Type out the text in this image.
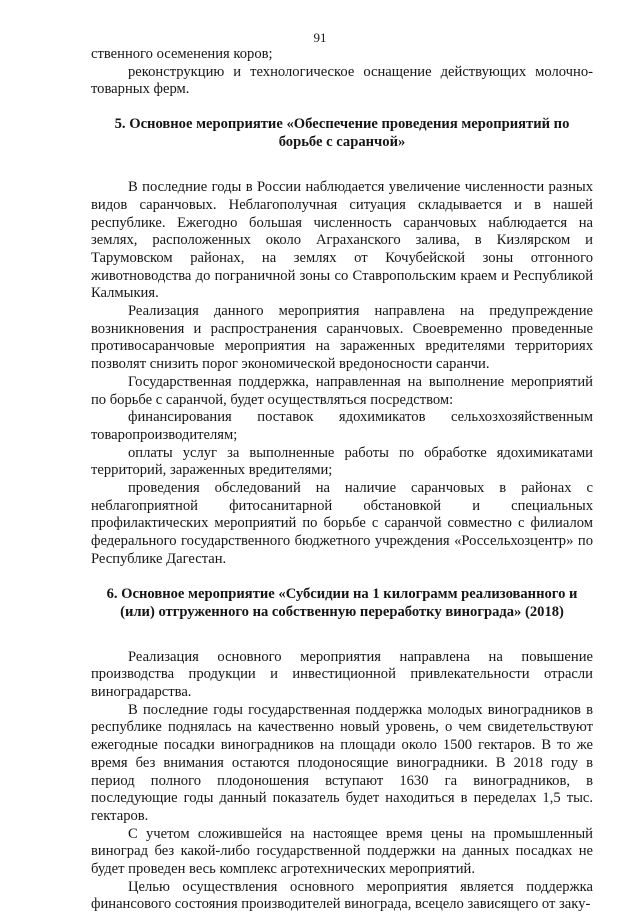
91

ственного осеменения коров;

реконструкцию и технологическое оснащение действующих молочно-товарных ферм.

5. Основное мероприятие «Обеспечение проведения мероприятий по борьбе с саранчой»

В последние годы в России наблюдается увеличение численности разных видов саранчовых. Неблагополучная ситуация складывается и в нашей республике. Ежегодно большая численность саранчовых наблюдается на землях, расположенных около Аграханского залива, в Кизлярском и Тарумовском районах, на землях от Кочубейской зоны отгонного животноводства до пограничной зоны со Ставропольским краем и Республикой Калмыкия.

Реализация данного мероприятия направлена на предупреждение возникновения и распространения саранчовых. Своевременно проведенные противосаранчовые мероприятия на зараженных вредителями территориях позволят снизить порог экономической вредоносности саранчи.

Государственная поддержка, направленная на выполнение мероприятий по борьбе с саранчой, будет осуществляться посредством:

финансирования поставок ядохимикатов сельхозхозяйственным товаропроизводителям;

оплаты услуг за выполненные работы по обработке ядохимикатами территорий, зараженных вредителями;

проведения обследований на наличие саранчовых в районах с неблагоприятной фитосанитарной обстановкой и специальных профилактических мероприятий по борьбе с саранчой совместно с филиалом федерального государственного бюджетного учреждения «Россельхозцентр» по Республике Дагестан.

6. Основное мероприятие «Субсидии на 1 килограмм реализованного и (или) отгруженного на собственную переработку винограда» (2018)

Реализация основного мероприятия направлена на повышение производства продукции и инвестиционной привлекательности отрасли виноградарства.

В последние годы государственная поддержка молодых виноградников в республике поднялась на качественно новый уровень, о чем свидетельствуют ежегодные посадки виноградников на площади около 1500 гектаров. В то же время без внимания остаются плодоносящие виноградники. В 2018 году в период полного плодоношения вступают 1630 га виноградников, в последующие годы данный показатель будет находиться в переделах 1,5 тыс. гектаров.

С учетом сложившейся на настоящее время цены на промышленный виноград без какой-либо государственной поддержки на данных посадках не будет проведен весь комплекс агротехнических мероприятий.

Целью осуществления основного мероприятия является поддержка финансового состояния производителей винограда, всецело зависящего от заку-
